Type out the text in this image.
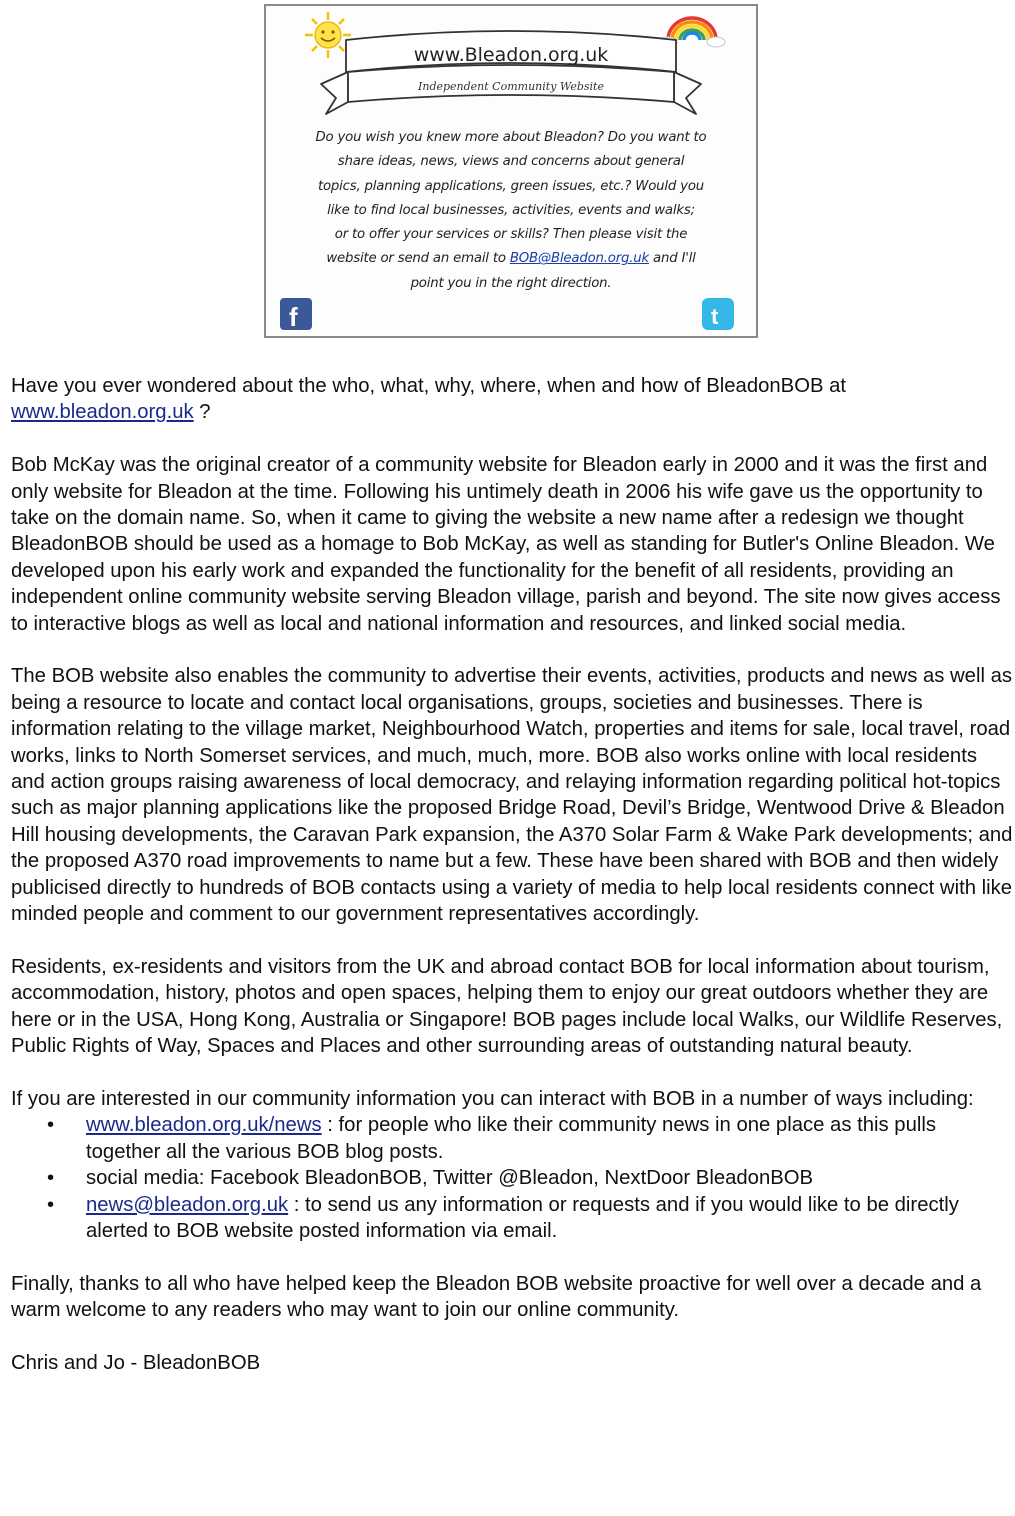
f	t
www.Bleadon.org.uk
Independent Community Website
Do you wish you knew more about Bleadon? Do you want to
share ideas, news, views and concerns about general
topics, planning applications, green issues, etc.? Would you
like to find local businesses, activities, events and walks;
or to offer your services or skills? Then please visit the
website or send an email to BOB@Bleadon.org.uk and I'll
point you in the right direction.

Have you ever wondered about the who, what, why, where, when and how of BleadonBOB at www.bleadon.org.uk ?

Bob McKay was the original creator of a community website for Bleadon early in 2000 and it was the first and only website for Bleadon at the time. Following his untimely death in 2006 his wife gave us the opportunity to take on the domain name. So, when it came to giving the website a new name after a redesign we thought BleadonBOB should be used as a homage to Bob McKay, as well as standing for Butler's Online Bleadon. We developed upon his early work and expanded the functionality for the benefit of all residents, providing an independent online community website serving Bleadon village, parish and beyond. The site now gives access to interactive blogs as well as local and national information and resources, and linked social media.

The BOB website also enables the community to advertise their events, activities, products and news as well as being a resource to locate and contact local organisations, groups, societies and businesses. There is information relating to the village market, Neighbourhood Watch, properties and items for sale, local travel, road works, links to North Somerset services, and much, much, more. BOB also works online with local residents and action groups raising awareness of local democracy, and relaying information regarding political hot-topics such as major planning applications like the proposed Bridge Road, Devil’s Bridge, Wentwood Drive & Bleadon Hill housing developments, the Caravan Park expansion, the A370 Solar Farm & Wake Park developments; and the proposed A370 road improvements to name but a few. These have been shared with BOB and then widely publicised directly to hundreds of BOB contacts using a variety of media to help local residents connect with like minded people and comment to our government representatives accordingly.

Residents, ex-residents and visitors from the UK and abroad contact BOB for local information about tourism, accommodation, history, photos and open spaces, helping them to enjoy our great outdoors whether they are here or in the USA, Hong Kong, Australia or Singapore! BOB pages include local Walks, our Wildlife Reserves, Public Rights of Way, Spaces and Places and other surrounding areas of outstanding natural beauty.

If you are interested in our community information you can interact with BOB in a number of ways including:

• www.bleadon.org.uk/news : for people who like their community news in one place as this pulls together all the various BOB blog posts.
• social media: Facebook BleadonBOB, Twitter @Bleadon, NextDoor BleadonBOB
• news@bleadon.org.uk : to send us any information or requests and if you would like to be directly alerted to BOB website posted information via email.

Finally, thanks to all who have helped keep the Bleadon BOB website proactive for well over a decade and a warm welcome to any readers who may want to join our online community.

Chris and Jo - BleadonBOB
